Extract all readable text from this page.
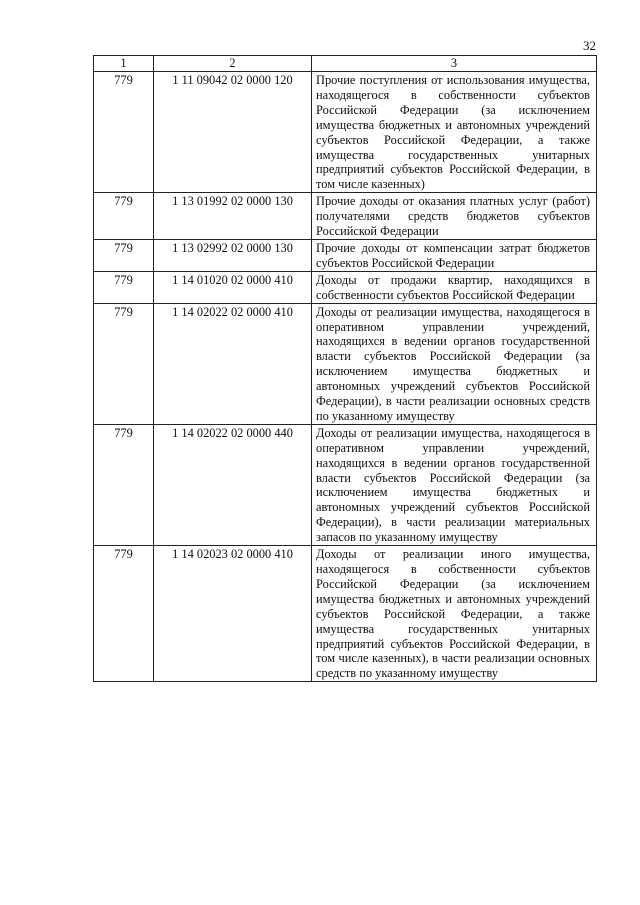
32
1	2	3
779	1 11 09042 02 0000 120	Прочие поступления от использования имущества, находящегося в собственности субъектов Российской Федерации (за исключением имущества бюджетных и автономных учреждений субъектов Российской Федерации, а также имущества государственных унитарных предприятий субъектов Российской Федерации, в том числе казенных)

779	1 13 01992 02 0000 130	Прочие доходы от оказания платных услуг (работ) получателями средств бюджетов субъектов Российской Федерации

779	1 13 02992 02 0000 130	Прочие доходы от компенсации затрат бюджетов субъектов Российской Федерации

779	1 14 01020 02 0000 410	Доходы от продажи квартир, находящихся в собственности субъектов Российской Федерации

779	1 14 02022 02 0000 410	Доходы от реализации имущества, находящегося в оперативном управлении учреждений, находящихся в ведении органов государственной власти субъектов Российской Федерации (за исключением имущества бюджетных и автономных учреждений субъектов Российской Федерации), в части реализации основных средств по указанному имуществу

779	1 14 02022 02 0000 440	Доходы от реализации имущества, находящегося в оперативном управлении учреждений, находящихся в ведении органов государственной власти субъектов Российской Федерации (за исключением имущества бюджетных и автономных учреждений субъектов Российской Федерации), в части реализации материальных запасов по указанному имуществу

779	1 14 02023 02 0000 410	Доходы от реализации иного имущества, находящегося в собственности субъектов Российской Федерации (за исключением имущества бюджетных и автономных учреждений субъектов Российской Федерации, а также имущества государственных унитарных предприятий субъектов Российской Федерации, в том числе казенных), в части реализации основных средств по указанному имуществу
